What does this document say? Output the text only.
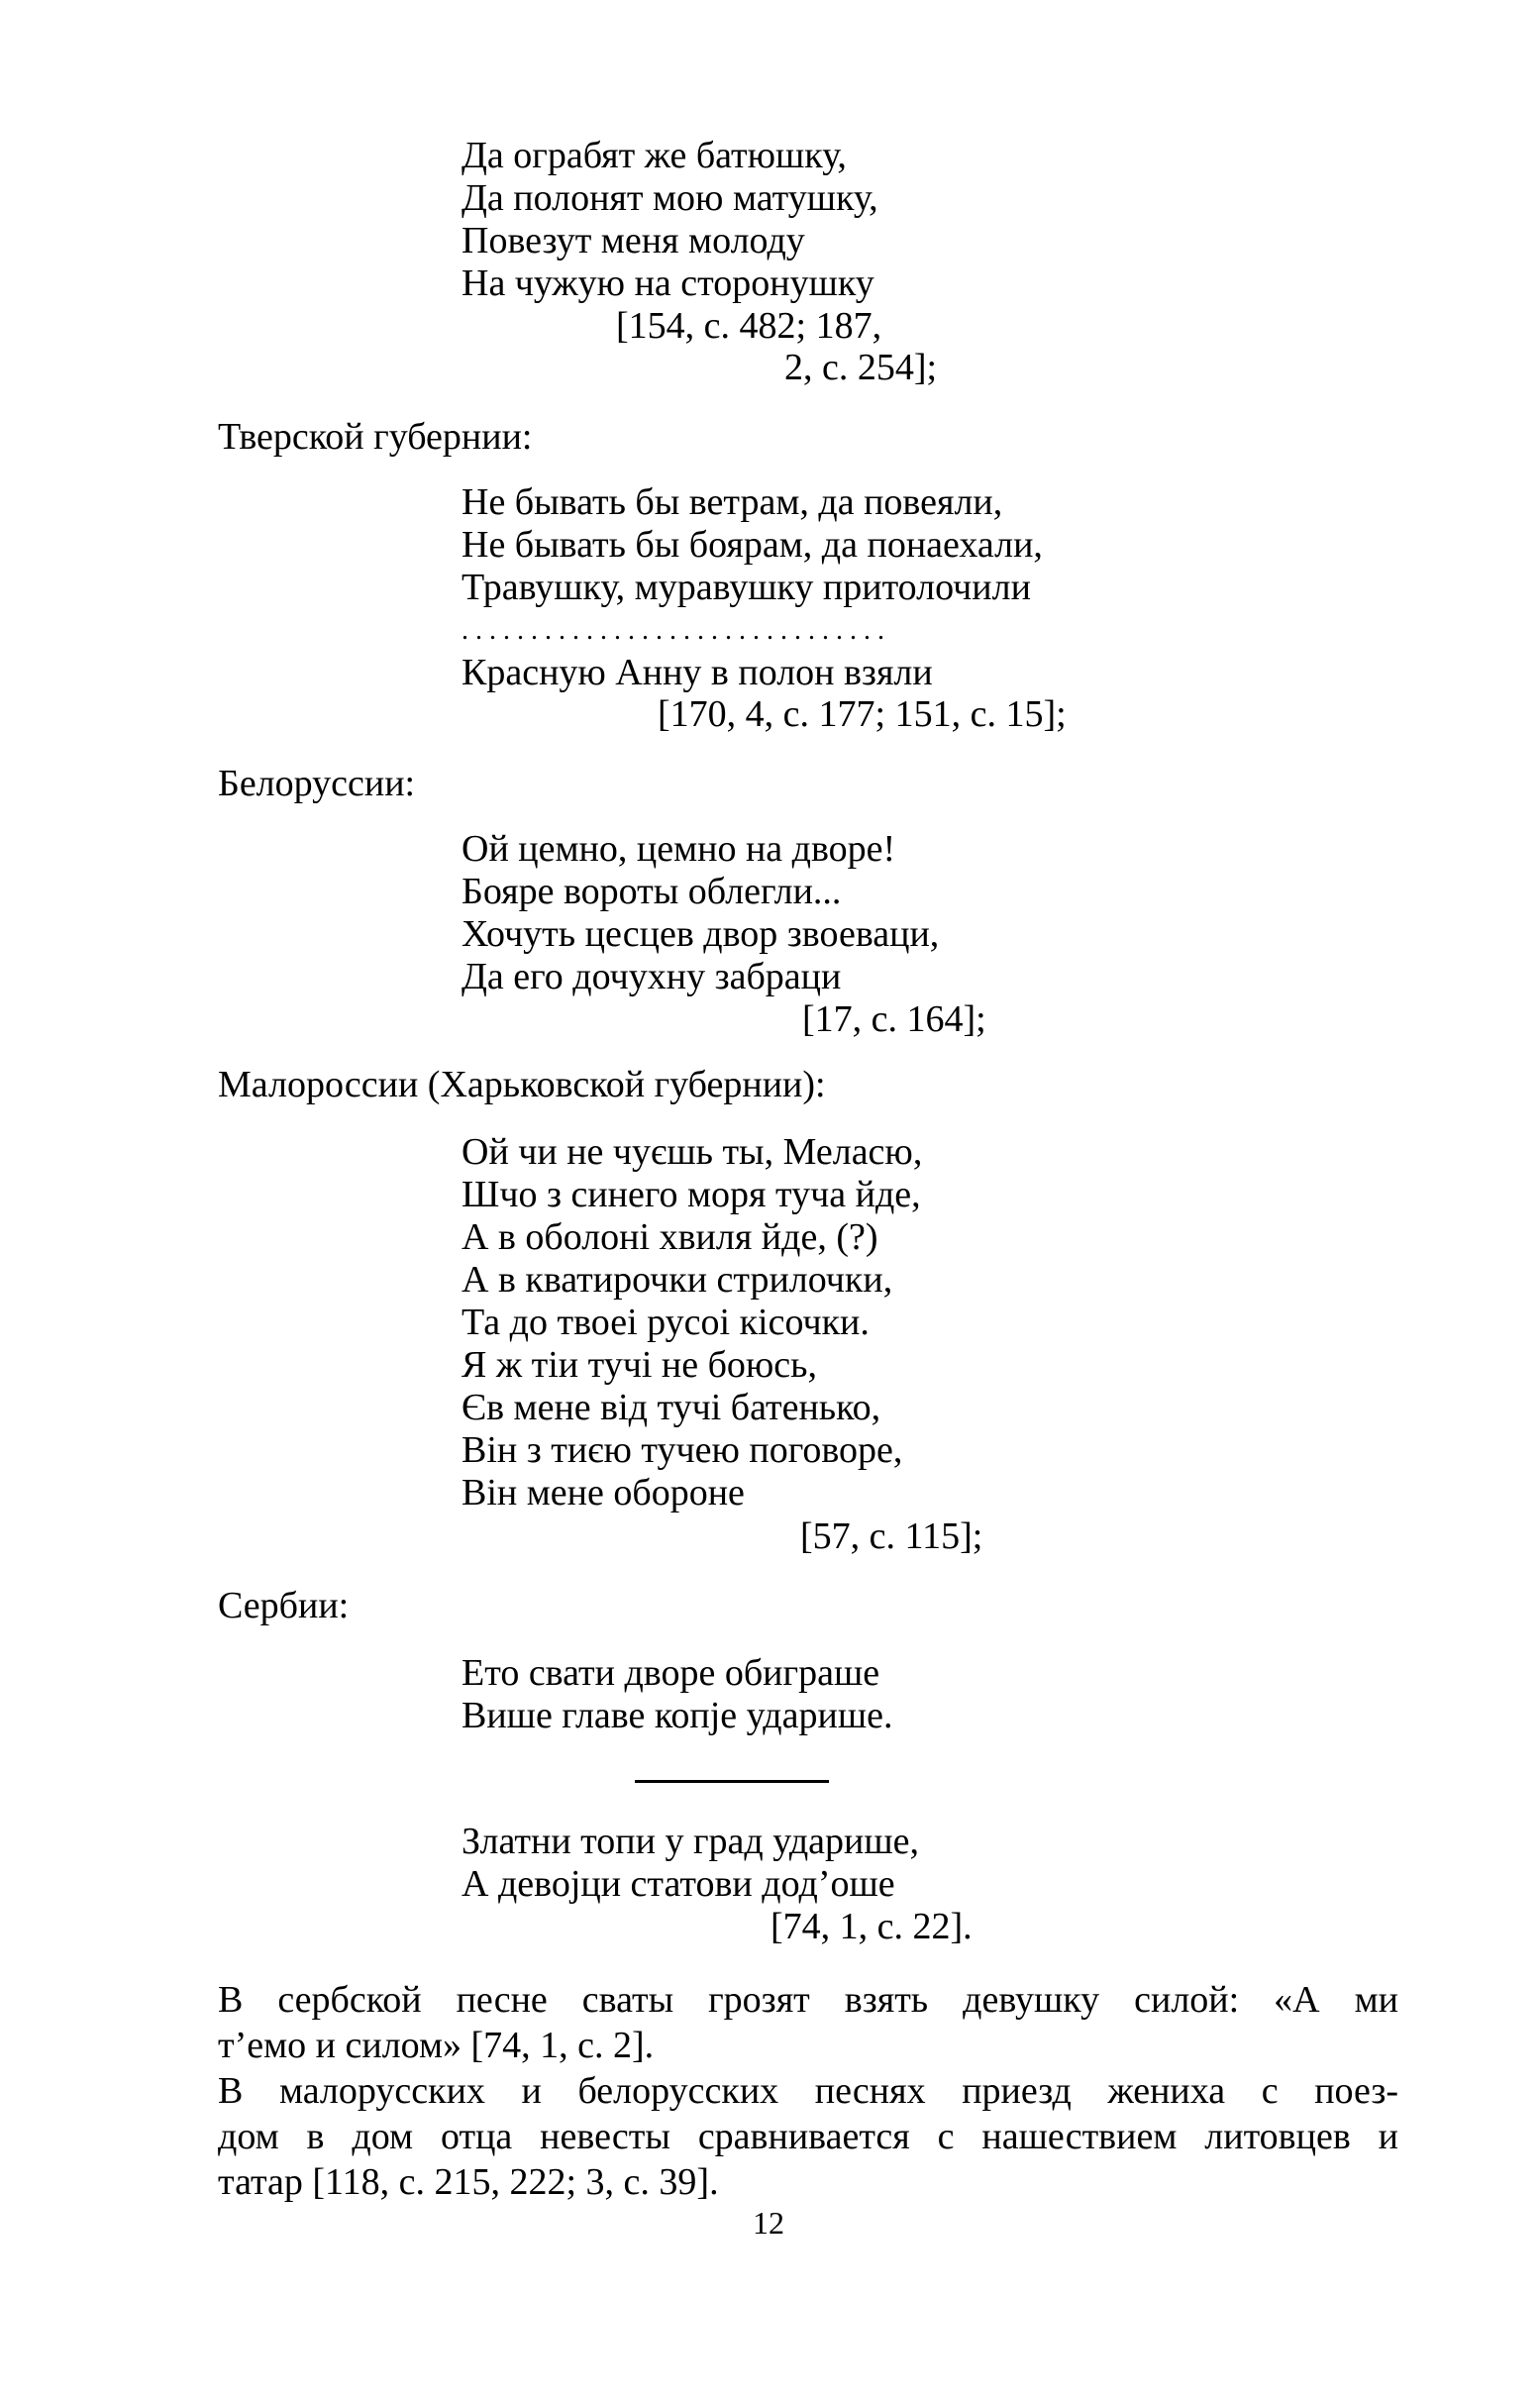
Да ограбят же батюшку,
Да полонят мою матушку,
Повезут меня молоду
На чужую на сторонушку
[154, с. 482; 187,
2, с. 254];
Тверской губернии:
Не бывать бы ветрам, да повеяли,
Не бывать бы боярам, да понаехали,
Травушку, муравушку притолочили
. . . . . . . . . . . . . . . . . . . . . . . . . . . . . . .
Красную Анну в полон взяли
[170, 4, с. 177; 151, с. 15];
Белоруссии:
Ой цемно, цемно на дворе!
Бояре вороты облегли...
Хочуть цесцев двор звоеваци,
Да его дочухну забраци
[17, с. 164];
Малороссии (Харьковской губернии):
Ой чи не чуєшь ты, Меласю,
Шчо з синего моря туча йде,
А в оболоні хвиля йде, (?)
А в кватирочки стрилочки,
Та до твоеі русоі кісочки.
Я ж тіи тучі не боюсь,
Єв мене від тучі батенько,
Він з тиєю тучею поговоре,
Він мене обороне
[57, с. 115];
Сербии:
Ето свати дворе обиграше
Више главе копје ударише.
Златни топи у град ударише,
А девојци статови дод’оше
[74, 1, с. 22].
В сербской песне сваты грозят взять девушку силой: «А ми
т’емо и силом» [74, 1, с. 2].
В малорусских и белорусских песнях приезд жениха с поез-
дом в дом отца невесты сравнивается с нашествием литовцев и
татар [118, с. 215, 222; 3, с. 39].
12
